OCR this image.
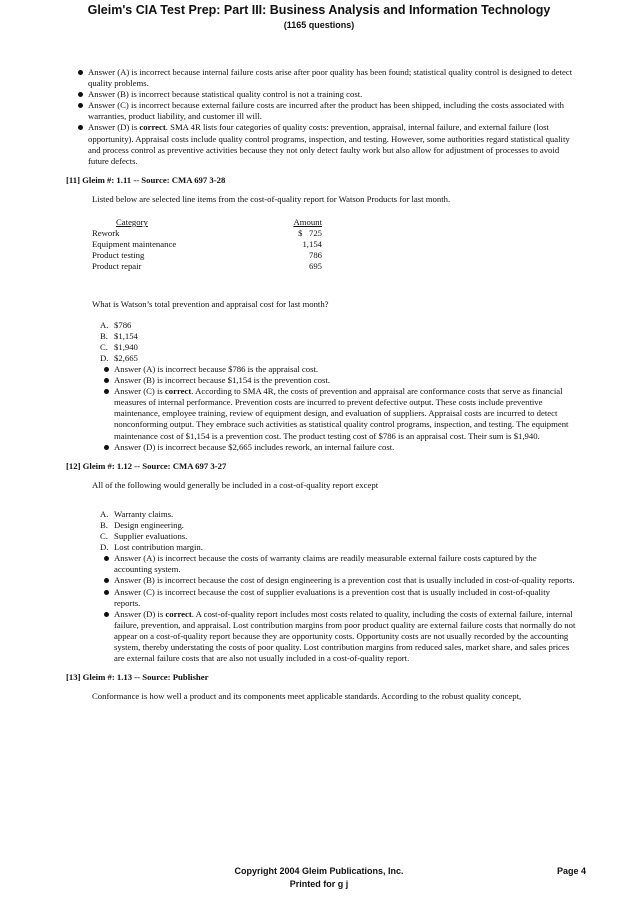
Gleim's CIA Test Prep: Part III: Business Analysis and Information Technology
(1165 questions)
Answer (A) is incorrect because internal failure costs arise after poor quality has been found; statistical quality control is designed to detect quality problems.
Answer (B) is incorrect because statistical quality control is not a training cost.
Answer (C) is incorrect because external failure costs are incurred after the product has been shipped, including the costs associated with warranties, product liability, and customer ill will.
Answer (D) is correct. SMA 4R lists four categories of quality costs: prevention, appraisal, internal failure, and external failure (lost opportunity). Appraisal costs include quality control programs, inspection, and testing. However, some authorities regard statistical quality and process control as preventive activities because they not only detect faulty work but also allow for adjustment of processes to avoid future defects.
[11] Gleim #: 1.11 -- Source: CMA 697 3-28
Listed below are selected line items from the cost-of-quality report for Watson Products for last month.
Category	Amount
Rework	$   725
Equipment maintenance	1,154
Product testing	786
Product repair	695
What is Watson’s total prevention and appraisal cost for last month?
A. $786
B. $1,154
C. $1,940
D. $2,665
Answer (A) is incorrect because $786 is the appraisal cost.
Answer (B) is incorrect because $1,154 is the prevention cost.
Answer (C) is correct. According to SMA 4R, the costs of prevention and appraisal are conformance costs that serve as financial measures of internal performance. Prevention costs are incurred to prevent defective output. These costs include preventive maintenance, employee training, review of equipment design, and evaluation of suppliers. Appraisal costs are incurred to detect nonconforming output. They embrace such activities as statistical quality control programs, inspection, and testing. The equipment maintenance cost of $1,154 is a prevention cost. The product testing cost of $786 is an appraisal cost. Their sum is $1,940.
Answer (D) is incorrect because $2,665 includes rework, an internal failure cost.
[12] Gleim #: 1.12 -- Source: CMA 697 3-27
All of the following would generally be included in a cost-of-quality report except
A. Warranty claims.
B. Design engineering.
C. Supplier evaluations.
D. Lost contribution margin.
Answer (A) is incorrect because the costs of warranty claims are readily measurable external failure costs captured by the accounting system.
Answer (B) is incorrect because the cost of design engineering is a prevention cost that is usually included in cost-of-quality reports.
Answer (C) is incorrect because the cost of supplier evaluations is a prevention cost that is usually included in cost-of-quality reports.
Answer (D) is correct. A cost-of-quality report includes most costs related to quality, including the costs of external failure, internal failure, prevention, and appraisal. Lost contribution margins from poor product quality are external failure costs that normally do not appear on a cost-of-quality report because they are opportunity costs. Opportunity costs are not usually recorded by the accounting system, thereby understating the costs of poor quality. Lost contribution margins from reduced sales, market share, and sales prices are external failure costs that are also not usually included in a cost-of-quality report.
[13] Gleim #: 1.13 -- Source: Publisher
Conformance is how well a product and its components meet applicable standards. According to the robust quality concept,
Copyright 2004 Gleim Publications, Inc.	Page 4
Printed for g j
